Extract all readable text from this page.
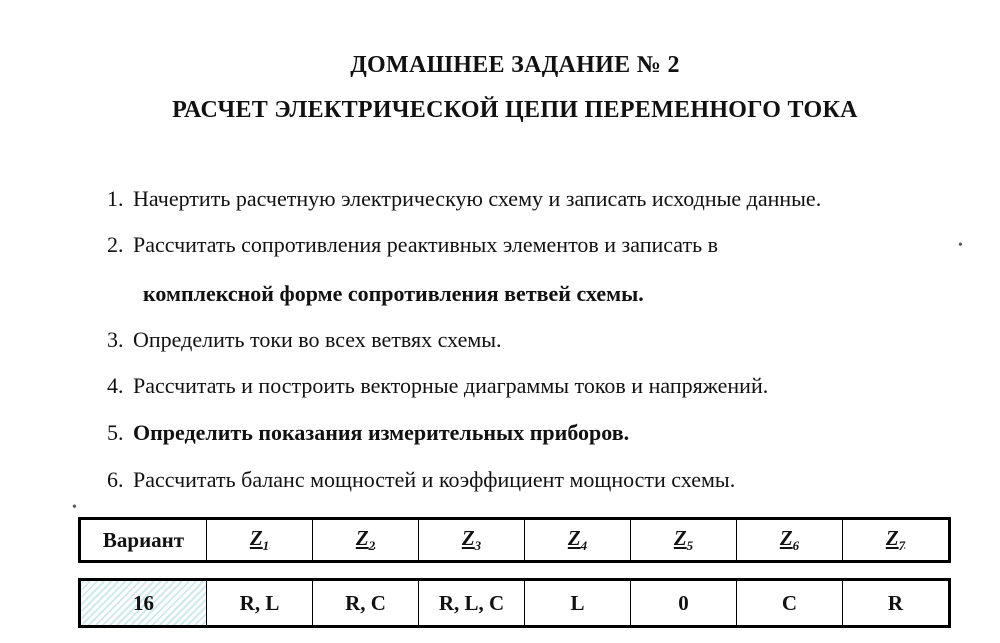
ДОМАШНЕЕ ЗАДАНИЕ № 2
РАСЧЕТ ЭЛЕКТРИЧЕСКОЙ ЦЕПИ ПЕРЕМЕННОГО ТОКА
1. Начертить расчетную электрическую схему и записать исходные данные.
2. Рассчитать сопротивления реактивных элементов и записать в
комплексной форме сопротивления ветвей схемы.
3. Определить токи во всех ветвях схемы.
4. Рассчитать и построить векторные диаграммы токов и напряжений.
5. Определить показания измерительных приборов.
6. Рассчитать баланс мощностей и коэффициент мощности схемы.
Вариант	$Z_1$	$Z_2$	$Z_3$	$Z_4$	$Z_5$	$Z_6$	$Z_7$
16	R, L	R, C	R, L, C	L	0	C	R
•
•
